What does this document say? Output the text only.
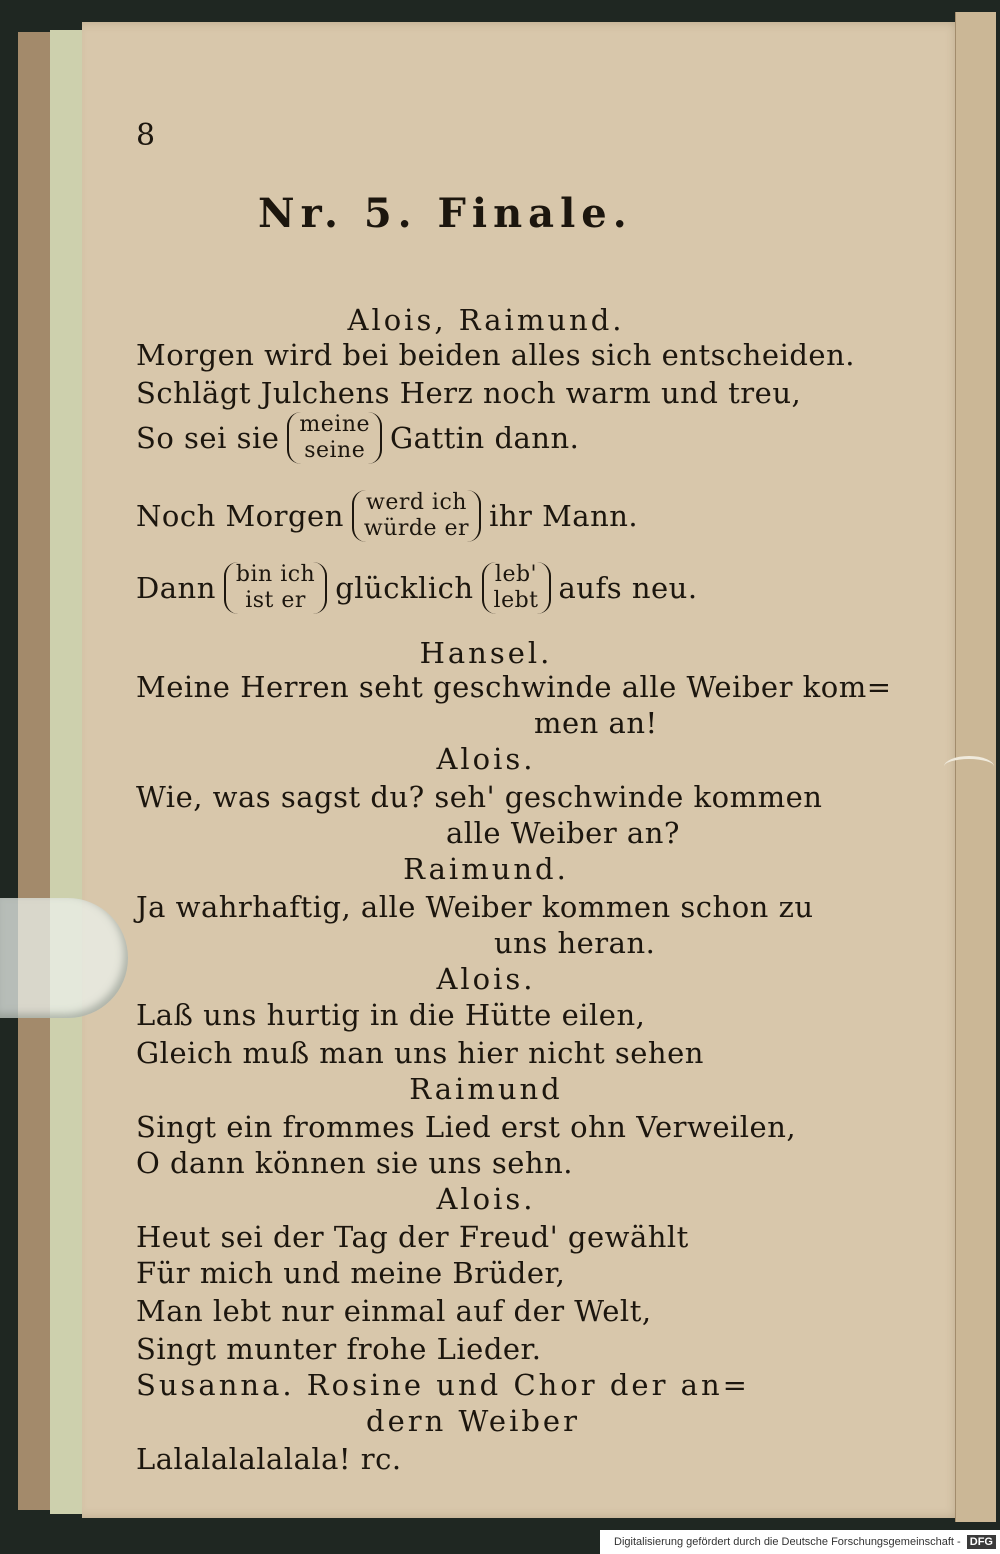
8
Nr. 5. Finale.
Alois, Raimund.
Morgen wird bei beiden alles sich entscheiden.
Schlägt Julchens Herz noch warm und treu,
So sei sie meine
seine Gattin dann.
Noch Morgen werd ich
würde er ihr Mann.
Dann bin ich
ist er	glücklich leb'
lebt aufs neu.
Hansel.
Meine Herren seht geschwinde alle Weiber kom=
men an!
Alois.
Wie, was sagst du? seh' geschwinde kommen
alle Weiber an?
Raimund.
Ja wahrhaftig, alle Weiber kommen schon zu
uns heran.
Alois.
Laß uns hurtig in die Hütte eilen,
Gleich muß man uns hier nicht sehen
Raimund
Singt ein frommes Lied erst ohn Verweilen,
O dann können sie uns sehn.
Alois.
Heut sei der Tag der Freud' gewählt
Für mich und meine Brüder,
Man lebt nur einmal auf der Welt,
Singt munter frohe Lieder.
Susanna. Rosine und Chor der an=
dern Weiber
Lalalalalalala! rc.
Digitalisierung gefördert durch die Deutsche Forschungsgemeinschaft - DFG
